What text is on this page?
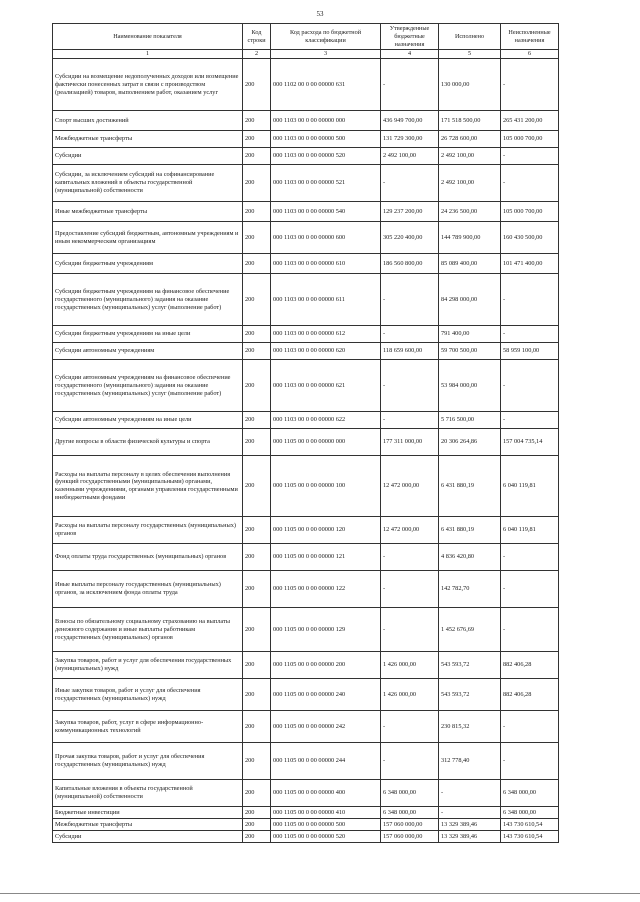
53
Наименование показателя	Код строки	Код расхода по бюджетной классификации	Утвержденные бюджетные назначения	Исполнено	Неисполненные назначения
1	2	3	4	5	6
Субсидии на возмещение недополученных доходов или возмещение фактически понесенных затрат в связи с производством (реализацией) товаров, выполнением работ, оказанием услуг	200	000 1102 00 0 00 00000 631	-	130 000,00	-
Спорт высших достижений	200	000 1103 00 0 00 00000 000	436 949 700,00	171 518 500,00	265 431 200,00
Межбюджетные трансферты	200	000 1103 00 0 00 00000 500	131 729 300,00	26 728 600,00	105 000 700,00
Субсидии	200	000 1103 00 0 00 00000 520	2 492 100,00	2 492 100,00	-
Субсидии, за исключением субсидий на софинансирование капитальных вложений в объекты государственной (муниципальной) собственности	200	000 1103 00 0 00 00000 521	-	2 492 100,00	-
Иные межбюджетные трансферты	200	000 1103 00 0 00 00000 540	129 237 200,00	24 236 500,00	105 000 700,00
Предоставление субсидий бюджетным, автономным учреждениям и иным некоммерческим организациям	200	000 1103 00 0 00 00000 600	305 220 400,00	144 789 900,00	160 430 500,00
Субсидии бюджетным учреждениям	200	000 1103 00 0 00 00000 610	186 560 800,00	85 089 400,00	101 471 400,00
Субсидии бюджетным учреждениям на финансовое обеспечение государственного (муниципального) задания на оказание государственных (муниципальных) услуг (выполнение работ)	200	000 1103 00 0 00 00000 611	-	84 298 000,00	-
Субсидии бюджетным учреждениям на иные цели	200	000 1103 00 0 00 00000 612	-	791 400,00	-
Субсидии автономным учреждениям	200	000 1103 00 0 00 00000 620	118 659 600,00	59 700 500,00	58 959 100,00
Субсидии автономным учреждениям на финансовое обеспечение государственного (муниципального) задания на оказание государственных (муниципальных) услуг (выполнение работ)	200	000 1103 00 0 00 00000 621	-	53 984 000,00	-
Субсидии автономным учреждениям на иные цели	200	000 1103 00 0 00 00000 622	-	5 716 500,00	-
Другие вопросы в области физической культуры и спорта	200	000 1105 00 0 00 00000 000	177 311 000,00	20 306 264,86	157 004 735,14
Расходы на выплаты персоналу в целях обеспечения выполнения функций государственными (муниципальными) органами, казенными учреждениями, органами управления государственными внебюджетными фондами	200	000 1105 00 0 00 00000 100	12 472 000,00	6 431 880,19	6 040 119,81
Расходы на выплаты персоналу государственных (муниципальных) органов	200	000 1105 00 0 00 00000 120	12 472 000,00	6 431 880,19	6 040 119,81
Фонд оплаты труда государственных (муниципальных) органов	200	000 1105 00 0 00 00000 121	-	4 836 420,80	-
Иные выплаты персоналу государственных (муниципальных) органов, за исключением фонда оплаты труда	200	000 1105 00 0 00 00000 122	-	142 782,70	-
Взносы по обязательному социальному страхованию на выплаты денежного содержания и иные выплаты работникам государственных (муниципальных) органов	200	000 1105 00 0 00 00000 129	-	1 452 676,69	-
Закупка товаров, работ и услуг для обеспечения государственных (муниципальных) нужд	200	000 1105 00 0 00 00000 200	1 426 000,00	543 593,72	882 406,28
Иные закупки товаров, работ и услуг для обеспечения государственных (муниципальных) нужд	200	000 1105 00 0 00 00000 240	1 426 000,00	543 593,72	882 406,28
Закупка товаров, работ, услуг в сфере информационно-коммуникационных технологий	200	000 1105 00 0 00 00000 242	-	230 815,32	-
Прочая закупка товаров, работ и услуг для обеспечения государственных (муниципальных) нужд	200	000 1105 00 0 00 00000 244	-	312 778,40	-
Капитальные вложения в объекты государственной (муниципальной) собственности	200	000 1105 00 0 00 00000 400	6 348 000,00	-	6 348 000,00
Бюджетные инвестиции	200	000 1105 00 0 00 00000 410	6 348 000,00	-	6 348 000,00
Межбюджетные трансферты	200	000 1105 00 0 00 00000 500	157 060 000,00	13 329 389,46	143 730 610,54
Субсидии	200	000 1105 00 0 00 00000 520	157 060 000,00	13 329 389,46	143 730 610,54
